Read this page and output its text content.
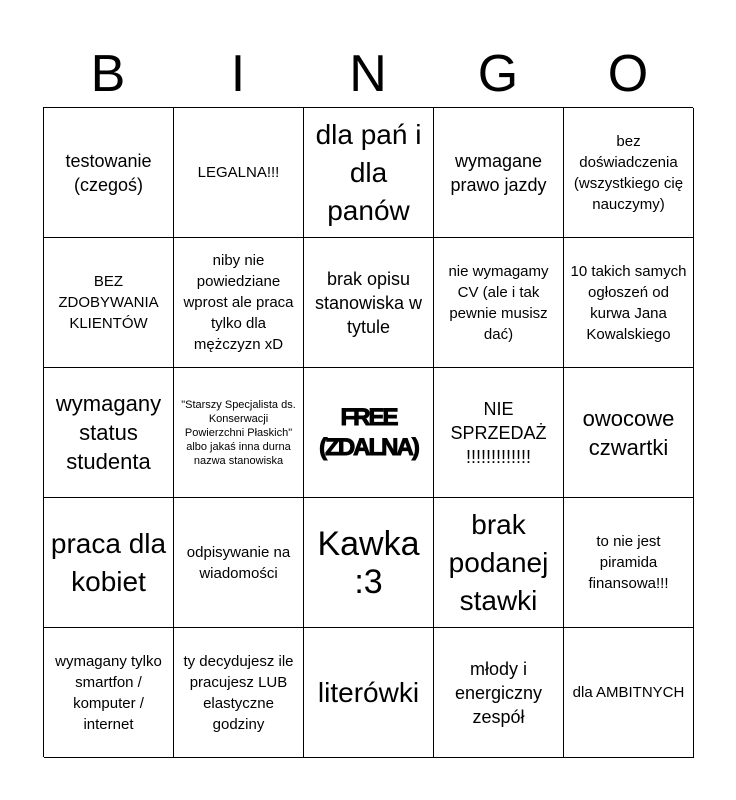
B	I	N	G	O
testowanie (czegoś)
LEGALNA!!!
dla pań i dla panów
wymagane prawo jazdy
bez doświadczenia (wszystkiego cię nauczymy)
BEZ ZDOBYWANIA KLIENTÓW
niby nie powiedziane wprost ale praca tylko dla mężczyzn xD
brak opisu stanowiska w tytule
nie wymagamy CV (ale i tak pewnie musisz dać)
10 takich samych ogłoszeń od kurwa Jana Kowalskiego
wymagany status studenta
"Starszy Specjalista ds. Konserwacji Powierzchni Płaskich" albo jakaś inna durna nazwa stanowiska
FREE (ZDALNA)
NIE SPRZEDAŻ !!!!!!!!!!!!!
owocowe czwartki
praca dla kobiet
odpisywanie na wiadomości
Kawka :3
brak podanej stawki
to nie jest piramida finansowa!!!
wymagany tylko smartfon / komputer / internet
ty decydujesz ile pracujesz LUB elastyczne godziny
literówki
młody i energiczny zespół
dla AMBITNYCH
